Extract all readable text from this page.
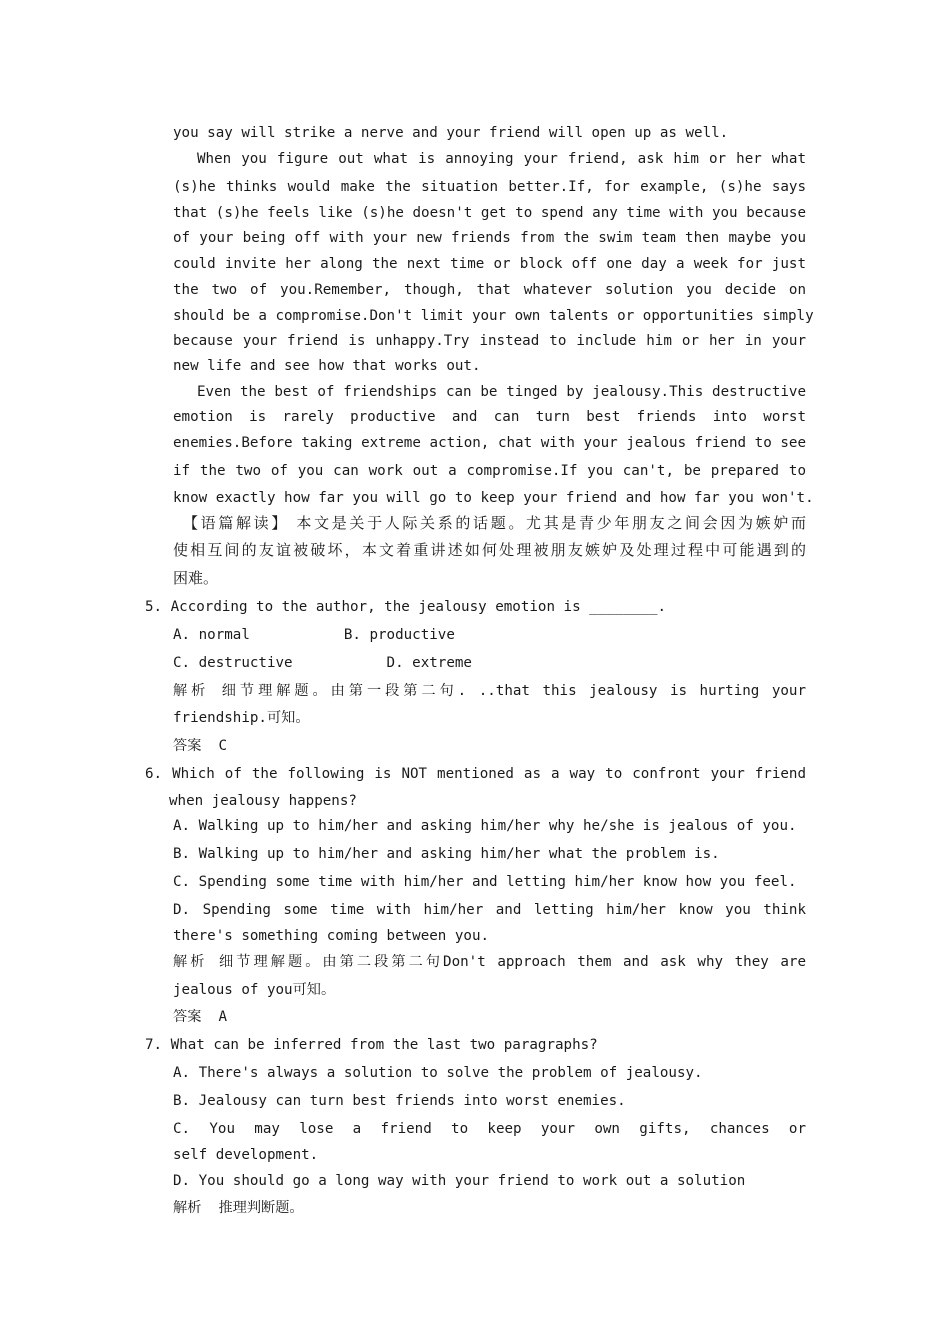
you say will strike a nerve and your friend will open up as well.
When you figure out what is annoying your friend, ask him or her what
(s)he thinks would make the situation better.If, for example, (s)he says
that (s)he feels like (s)he doesn't get to spend any time with you because
of your being off with your new friends from the swim team then maybe you
could invite her along the next time or block off one day a week for just
the two of you.Remember, though, that whatever solution you decide on
should be a compromise.Don't limit your own talents or opportunities simply
because your friend is unhappy.Try instead to include him or her in your
new life and see how that works out.
Even the best of friendships can be tinged by jealousy.This destructive
emotion is rarely productive and can turn best friends into worst
enemies.Before taking extreme action, chat with your jealous friend to see
if the two of you can work out a compromise.If you can't, be prepared to
know exactly how far you will go to keep your friend and how far you won't.
【语篇解读】 本文是关于人际关系的话题。尤其是青少年朋友之间会因为嫉妒而
使相互间的友谊被破坏，本文着重讲述如何处理被朋友嫉妒及处理过程中可能遇到的
困难。
5. According to the author, the jealousy emotion is ________.
A. normal           B. productive
C. destructive           D. extreme
解析 细节理解题。由第一段第二句. ..that this jealousy is hurting your
friendship.可知。
答案  C
6. Which of the following is NOT mentioned as a way to confront your friend
when jealousy happens?
A. Walking up to him/her and asking him/her why he/she is jealous of you.
B. Walking up to him/her and asking him/her what the problem is.
C. Spending some time with him/her and letting him/her know how you feel.
D. Spending some time with him/her and letting him/her know you think
there's something coming between you.
解析 细节理解题。由第二段第二句Don't approach them and ask why they are
jealous of you可知。
答案  A
7. What can be inferred from the last two paragraphs?
A. There's always a solution to solve the problem of jealousy.
B. Jealousy can turn best friends into worst enemies.
C. You may lose a friend to keep your own gifts, chances or
self development.
D. You should go a long way with your friend to work out a solution
解析  推理判断题。
